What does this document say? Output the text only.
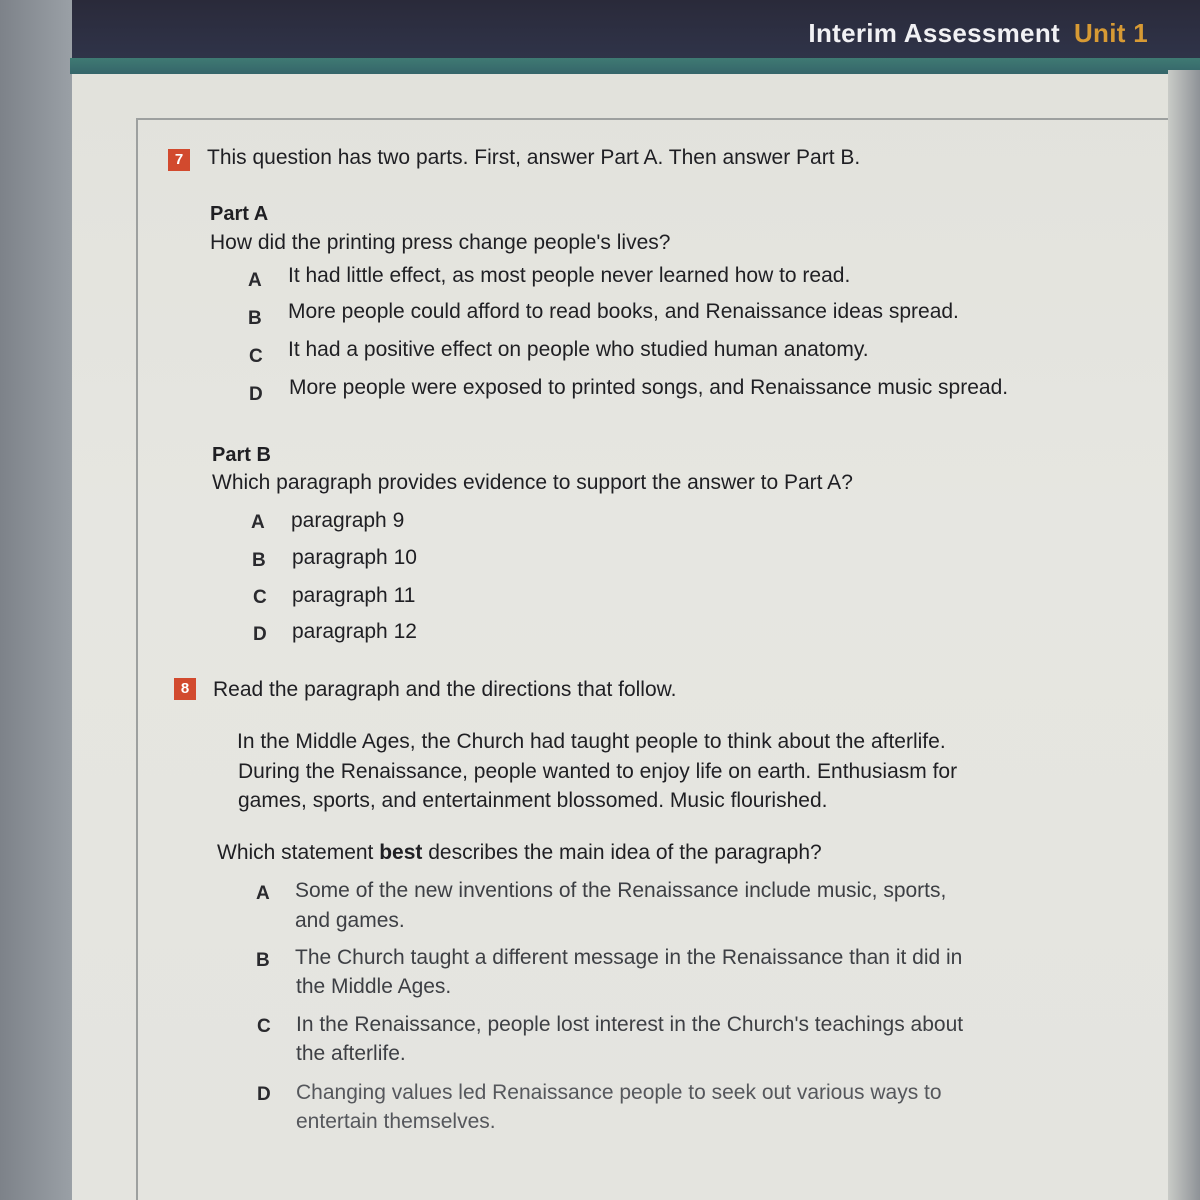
Interim Assessment Unit 1
7	This question has two parts. First, answer Part A. Then answer Part B.
Part A
How did the printing press change people's lives?
A It had little effect, as most people never learned how to read.
B More people could afford to read books, and Renaissance ideas spread.
C It had a positive effect on people who studied human anatomy.
D More people were exposed to printed songs, and Renaissance music spread.
Part B
Which paragraph provides evidence to support the answer to Part A?
A paragraph 9
B paragraph 10
C paragraph 11
D paragraph 12
8	Read the paragraph and the directions that follow.
In the Middle Ages, the Church had taught people to think about the afterlife.
During the Renaissance, people wanted to enjoy life on earth. Enthusiasm for
games, sports, and entertainment blossomed. Music flourished.
Which statement best describes the main idea of the paragraph?
A Some of the new inventions of the Renaissance include music, sports,
and games.
B The Church taught a different message in the Renaissance than it did in
the Middle Ages.
C In the Renaissance, people lost interest in the Church's teachings about
the afterlife.
D Changing values led Renaissance people to seek out various ways to
entertain themselves.
